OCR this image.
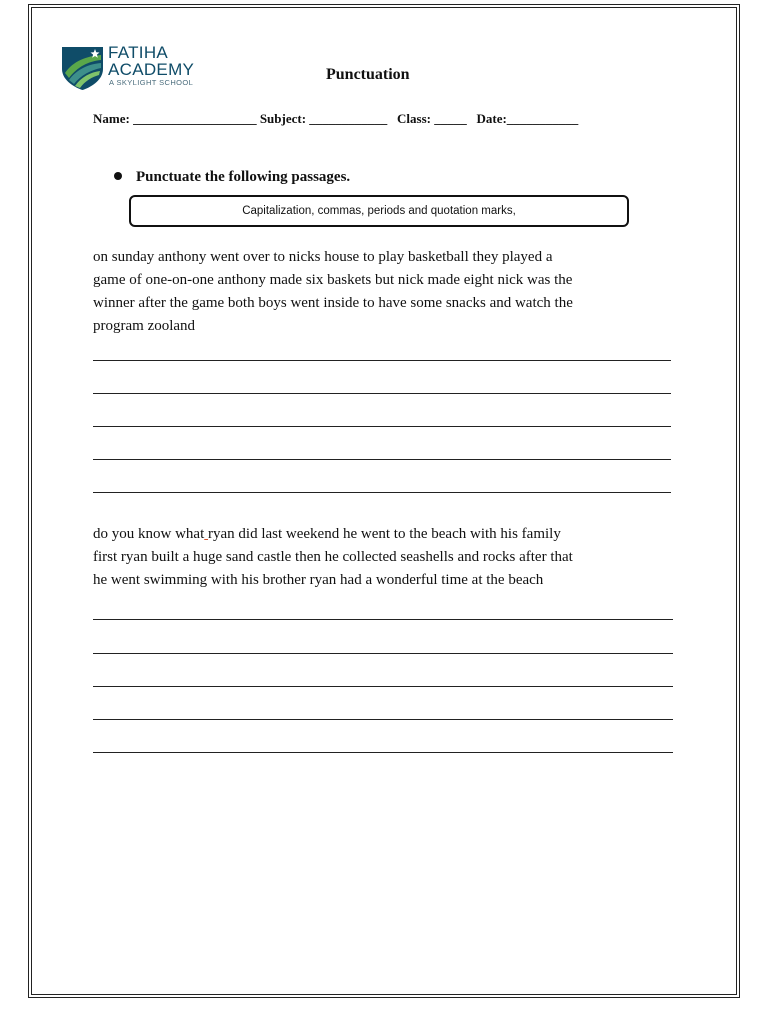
FATIHA
ACADEMY
A SKYLIGHT SCHOOL	Punctuation
Name: ___________________ Subject: ____________   Class: _____   Date:___________
Punctuate the following passages.
Capitalization, commas, periods and quotation marks,
on sunday anthony went over to nicks house to play basketball they played a
game of one-on-one anthony made six baskets but nick made eight nick was the
winner after the game both boys went inside to have some snacks and watch the
program zooland
do you know what ryan did last weekend he went to the beach with his family
first ryan built a huge sand castle then he collected seashells and rocks after that
he went swimming with his brother ryan had a wonderful time at the beach
